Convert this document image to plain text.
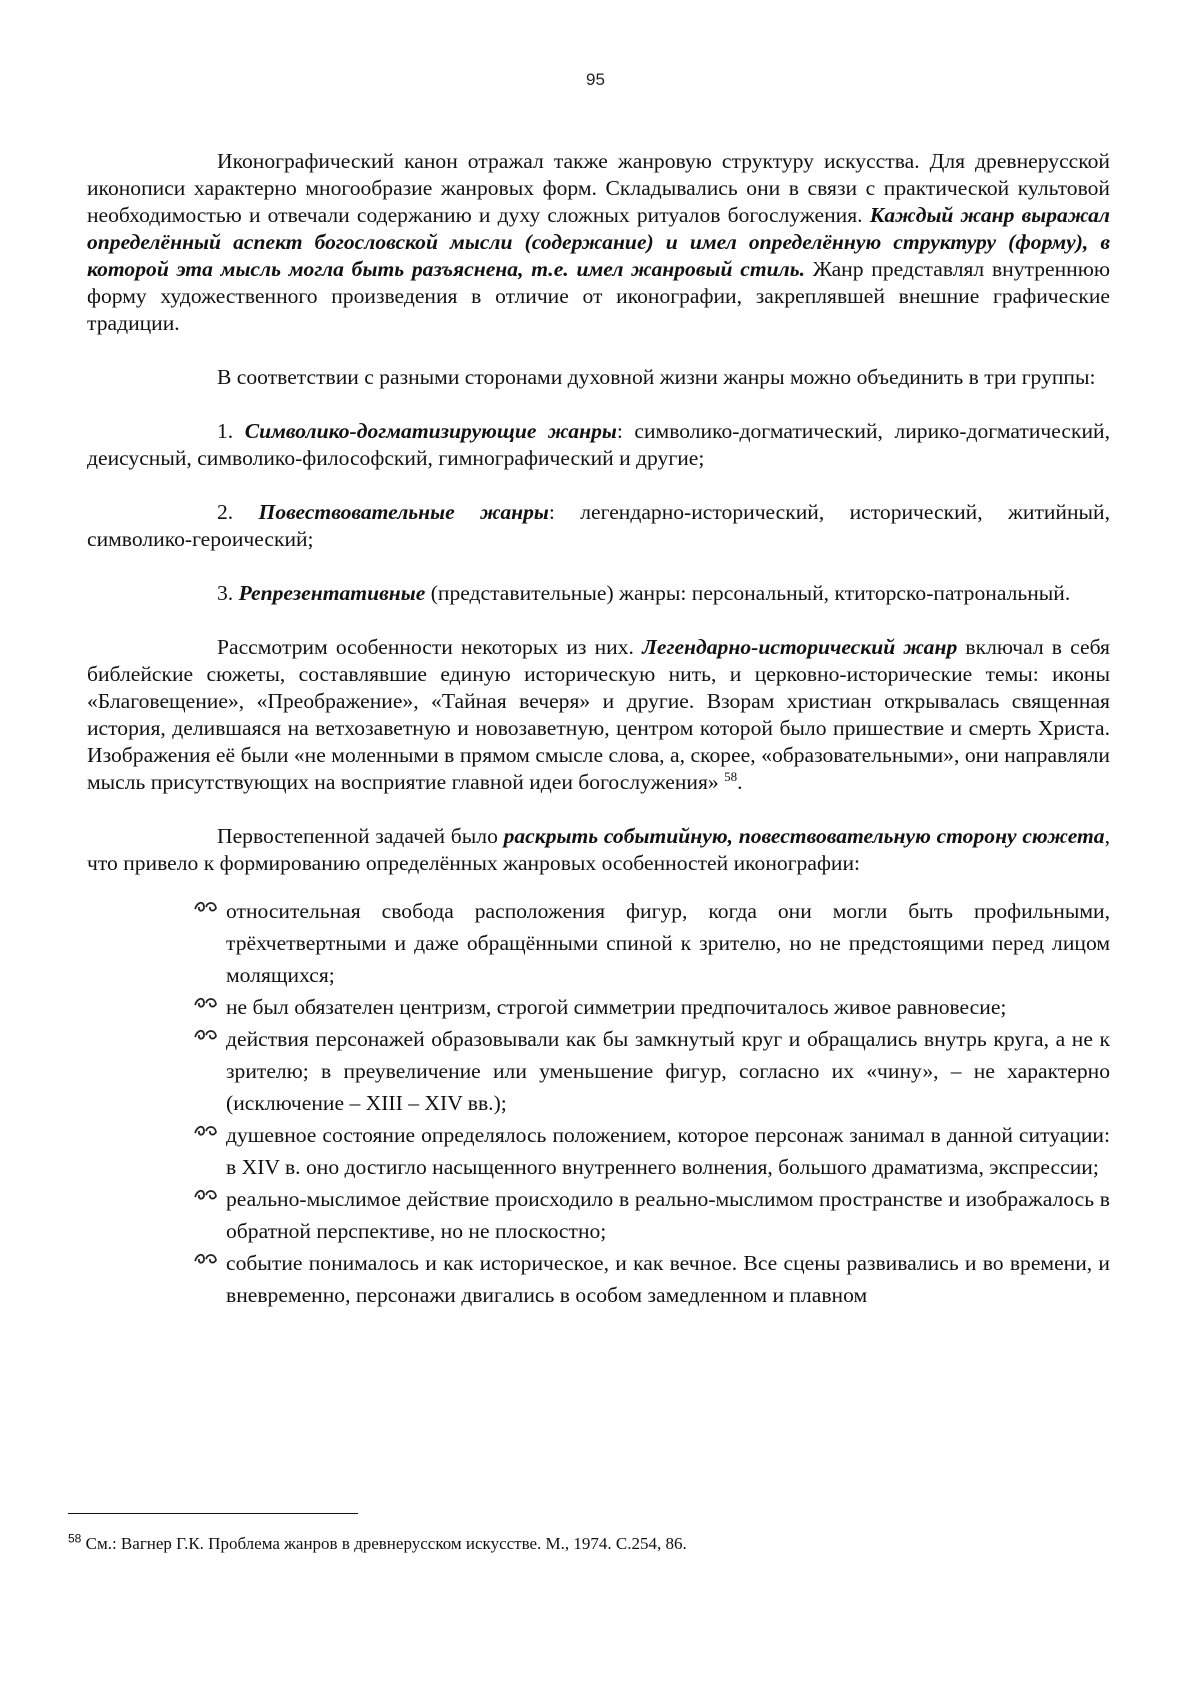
95

Иконографический канон отражал также жанровую структуру искусства. Для древнерусской иконописи характерно многообразие жанровых форм. Складывались они в связи с практической культовой необходимостью и отвечали содержанию и духу сложных ритуалов богослужения. Каждый жанр выражал определённый аспект богословской мысли (содержание) и имел определённую структуру (форму), в которой эта мысль могла быть разъяснена, т.е. имел жанровый стиль. Жанр представлял внутреннюю форму художественного произведения в отличие от иконографии, закреплявшей внешние графические традиции.

В соответствии с разными сторонами духовной жизни жанры можно объединить в три группы:

1. Символико-догматизирующие жанры: символико-догматический, лирико-догматический, деисусный, символико-философский, гимнографический и другие;

2. Повествовательные жанры: легендарно-исторический, исторический, житийный, символико-героический;

3. Репрезентативные (представительные) жанры: персональный, ктиторско-патрональный.

Рассмотрим особенности некоторых из них. Легендарно-исторический жанр включал в себя библейские сюжеты, составлявшие единую историческую нить, и церковно-исторические темы: иконы «Благовещение», «Преображение», «Тайная вечеря» и другие. Взорам христиан открывалась священная история, делившаяся на ветхозаветную и новозаветную, центром которой было пришествие и смерть Христа. Изображения её были «не моленными в прямом смысле слова, а, скорее, «образовательными», они направляли мысль присутствующих на восприятие главной идеи богослужения» $^{58}$.

Первостепенной задачей было раскрыть событийную, повествовательную сторону сюжета, что привело к формированию определённых жанровых особенностей иконографии:

относительная свобода расположения фигур, когда они могли быть профильными, трёхчетвертными и даже обращёнными спиной к зрителю, но не предстоящими перед лицом молящихся;
не был обязателен центризм, строгой симметрии предпочиталось живое равновесие;
действия персонажей образовывали как бы замкнутый круг и обращались внутрь круга, а не к зрителю; в преувеличение или уменьшение фигур, согласно их «чину», – не характерно (исключение – XIII – XIV вв.);
душевное состояние определялось положением, которое персонаж занимал в данной ситуации: в XIV в. оно достигло насыщенного внутреннего волнения, большого драматизма, экспрессии;
реально-мыслимое действие происходило в реально-мыслимом пространстве и изображалось в обратной перспективе, но не плоскостно;
событие понималось и как историческое, и как вечное. Все сцены развивались и во времени, и вневременно, персонажи двигались в особом замедленном и плавном
$^{58}$ См.: Вагнер Г.К. Проблема жанров в древнерусском искусстве. М., 1974. С.254, 86.
